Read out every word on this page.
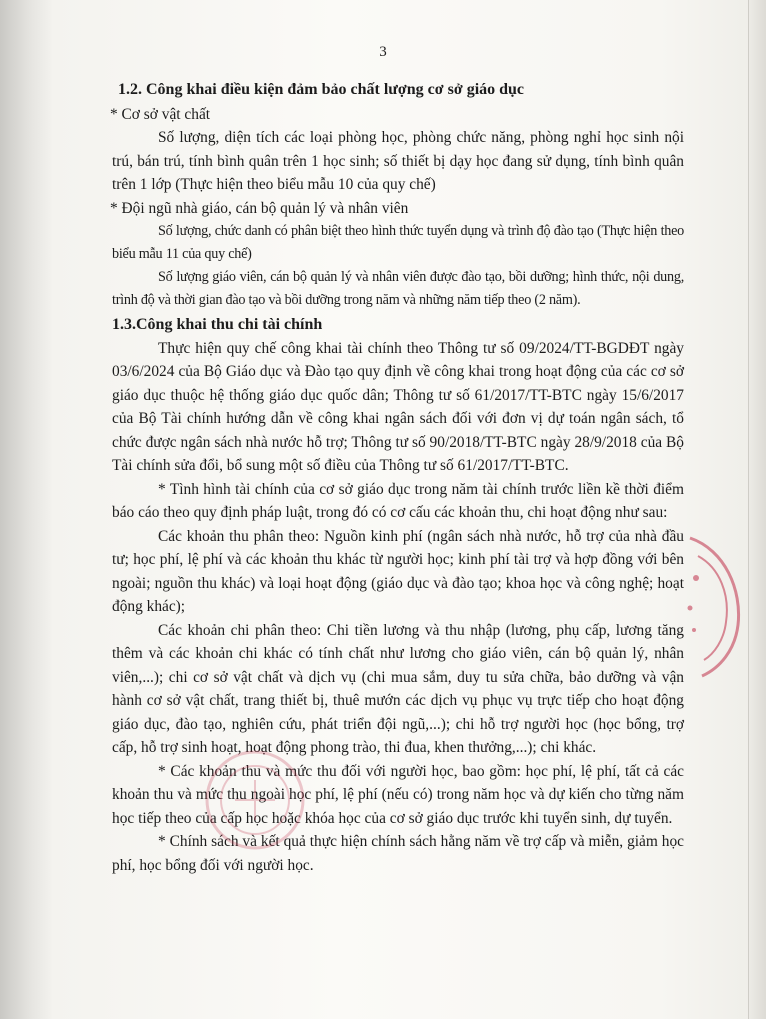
3

1.2. Công khai điều kiện đảm bảo chất lượng cơ sở giáo dục

* Cơ sở vật chất

Số lượng, diện tích các loại phòng học, phòng chức năng, phòng nghỉ học sinh nội trú, bán trú, tính bình quân trên 1 học sinh; số thiết bị dạy học đang sử dụng, tính bình quân trên 1 lớp (Thực hiện theo biểu mẫu 10 của quy chế)

* Đội ngũ nhà giáo, cán bộ quản lý và nhân viên

Số lượng, chức danh có phân biệt theo hình thức tuyển dụng và trình độ đào tạo (Thực hiện theo biểu mẫu 11 của quy chế)

Số lượng giáo viên, cán bộ quản lý và nhân viên được đào tạo, bồi dưỡng; hình thức, nội dung, trình độ và thời gian đào tạo và bồi dưỡng trong năm và những năm tiếp theo (2 năm).

1.3.Công khai thu chi tài chính

Thực hiện quy chế công khai tài chính theo Thông tư số 09/2024/TT-BGDĐT ngày 03/6/2024 của Bộ Giáo dục và Đào tạo quy định về công khai trong hoạt động của các cơ sở giáo dục thuộc hệ thống giáo dục quốc dân; Thông tư số 61/2017/TT-BTC ngày 15/6/2017 của Bộ Tài chính hướng dẫn về công khai ngân sách đối với đơn vị dự toán ngân sách, tổ chức được ngân sách nhà nước hỗ trợ; Thông tư số 90/2018/TT-BTC ngày 28/9/2018 của Bộ Tài chính sửa đổi, bổ sung một số điều của Thông tư số 61/2017/TT-BTC.

* Tình hình tài chính của cơ sở giáo dục trong năm tài chính trước liền kề thời điểm báo cáo theo quy định pháp luật, trong đó có cơ cấu các khoản thu, chi hoạt động như sau:

Các khoản thu phân theo: Nguồn kinh phí (ngân sách nhà nước, hỗ trợ của nhà đầu tư; học phí, lệ phí và các khoản thu khác từ người học; kinh phí tài trợ và hợp đồng với bên ngoài; nguồn thu khác) và loại hoạt động (giáo dục và đào tạo; khoa học và công nghệ; hoạt động khác);

Các khoản chi phân theo: Chi tiền lương và thu nhập (lương, phụ cấp, lương tăng thêm và các khoản chi khác có tính chất như lương cho giáo viên, cán bộ quản lý, nhân viên,...); chi cơ sở vật chất và dịch vụ (chi mua sắm, duy tu sửa chữa, bảo dưỡng và vận hành cơ sở vật chất, trang thiết bị, thuê mướn các dịch vụ phục vụ trực tiếp cho hoạt động giáo dục, đào tạo, nghiên cứu, phát triển đội ngũ,...); chi hỗ trợ người học (học bổng, trợ cấp, hỗ trợ sinh hoạt, hoạt động phong trào, thi đua, khen thưởng,...); chi khác.

* Các khoản thu và mức thu đối với người học, bao gồm: học phí, lệ phí, tất cả các khoản thu và mức thu ngoài học phí, lệ phí (nếu có) trong năm học và dự kiến cho từng năm học tiếp theo của cấp học hoặc khóa học của cơ sở giáo dục trước khi tuyển sinh, dự tuyển.

* Chính sách và kết quả thực hiện chính sách hằng năm về trợ cấp và miễn, giảm học phí, học bổng đối với người học.
